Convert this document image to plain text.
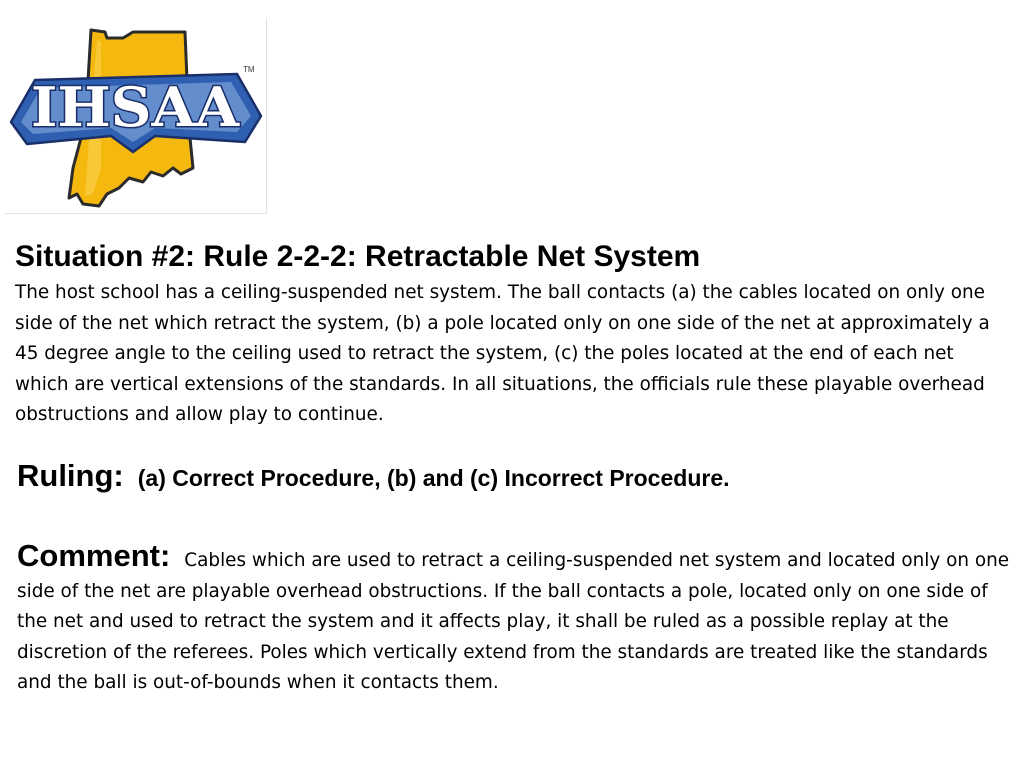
IHSAA
TM
Situation #2: Rule 2-2-2: Retractable Net System

The host school has a ceiling-suspended net system. The ball contacts (a) the cables located on only one side of the net which retract the system, (b) a pole located only on one side of the net at approximately a 45 degree angle to the ceiling used to retract the system, (c) the poles located at the end of each net which are vertical extensions of the standards. In all situations, the officials rule these playable overhead obstructions and allow play to continue.

Ruling: (a) Correct Procedure, (b) and (c) Incorrect Procedure.

Comment: Cables which are used to retract a ceiling-suspended net system and located only on one side of the net are playable overhead obstructions. If the ball contacts a pole, located only on one side of the net and used to retract the system and it affects play, it shall be ruled as a possible replay at the discretion of the referees. Poles which vertically extend from the standards are treated like the standards and the ball is out-of-bounds when it contacts them.
